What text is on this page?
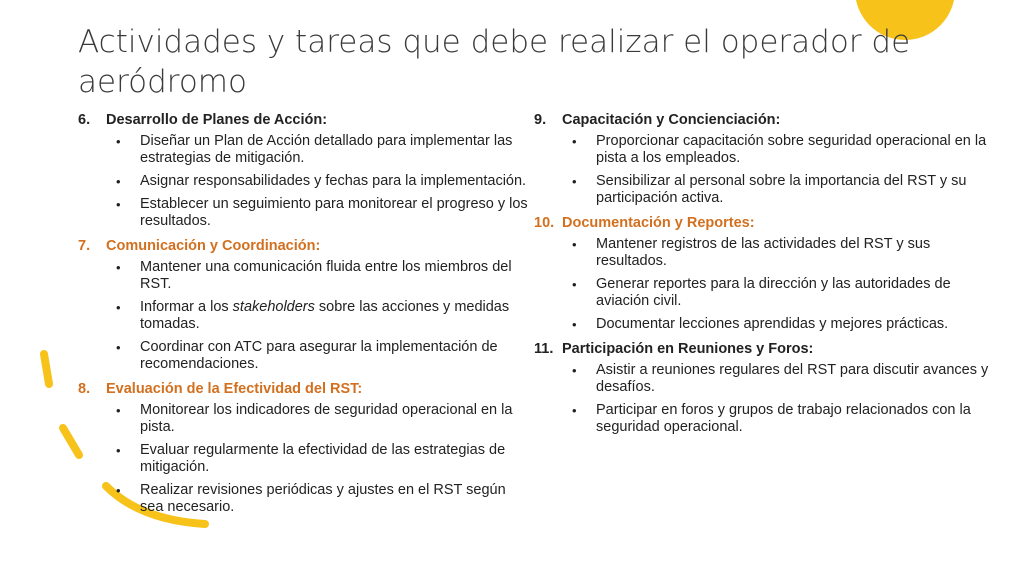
Actividades y tareas que debe realizar el operador de aeródromo
6.	Desarrollo de Planes de Acción:
• Diseñar un Plan de Acción detallado para implementar las estrategias de mitigación.
• Asignar responsabilidades y fechas para la implementación.
• Establecer un seguimiento para monitorear el progreso y los resultados.
7.	Comunicación y Coordinación:
• Mantener una comunicación fluida entre los miembros del RST.
• Informar a los stakeholders sobre las acciones y medidas tomadas.
• Coordinar con ATC para asegurar la implementación de recomendaciones.
8.	Evaluación de la Efectividad del RST:
• Monitorear los indicadores de seguridad operacional en la pista.
• Evaluar regularmente la efectividad de las estrategias de mitigación.
• Realizar revisiones periódicas y ajustes en el RST según sea necesario.
9.	Capacitación y Concienciación:
• Proporcionar capacitación sobre seguridad operacional en la pista a los empleados.
• Sensibilizar al personal sobre la importancia del RST y su participación activa.
10. Documentación y Reportes:
• Mantener registros de las actividades del RST y sus resultados.
• Generar reportes para la dirección y las autoridades de aviación civil.
• Documentar lecciones aprendidas y mejores prácticas.
11. Participación en Reuniones y Foros:
• Asistir a reuniones regulares del RST para discutir avances y desafíos.
• Participar en foros y grupos de trabajo relacionados con la seguridad operacional.
